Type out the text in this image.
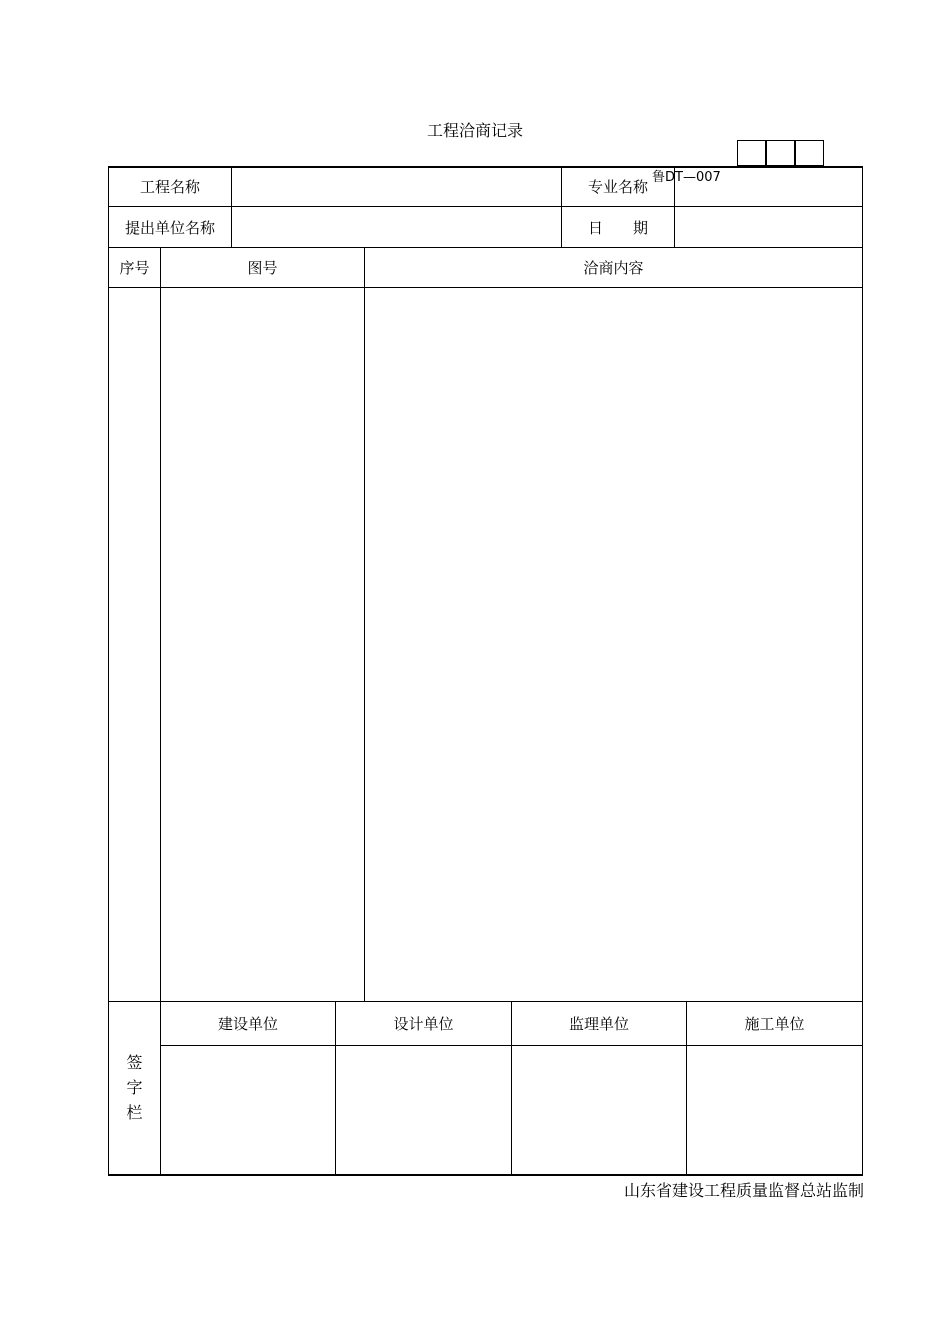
工程洽商记录
工程名称	专业名称
鲁DT—007
提出单位名称	日　　期
序号	图号	洽商内容
签
字
栏
建设单位	设计单位	监理单位	施工单位
山东省建设工程质量监督总站监制
